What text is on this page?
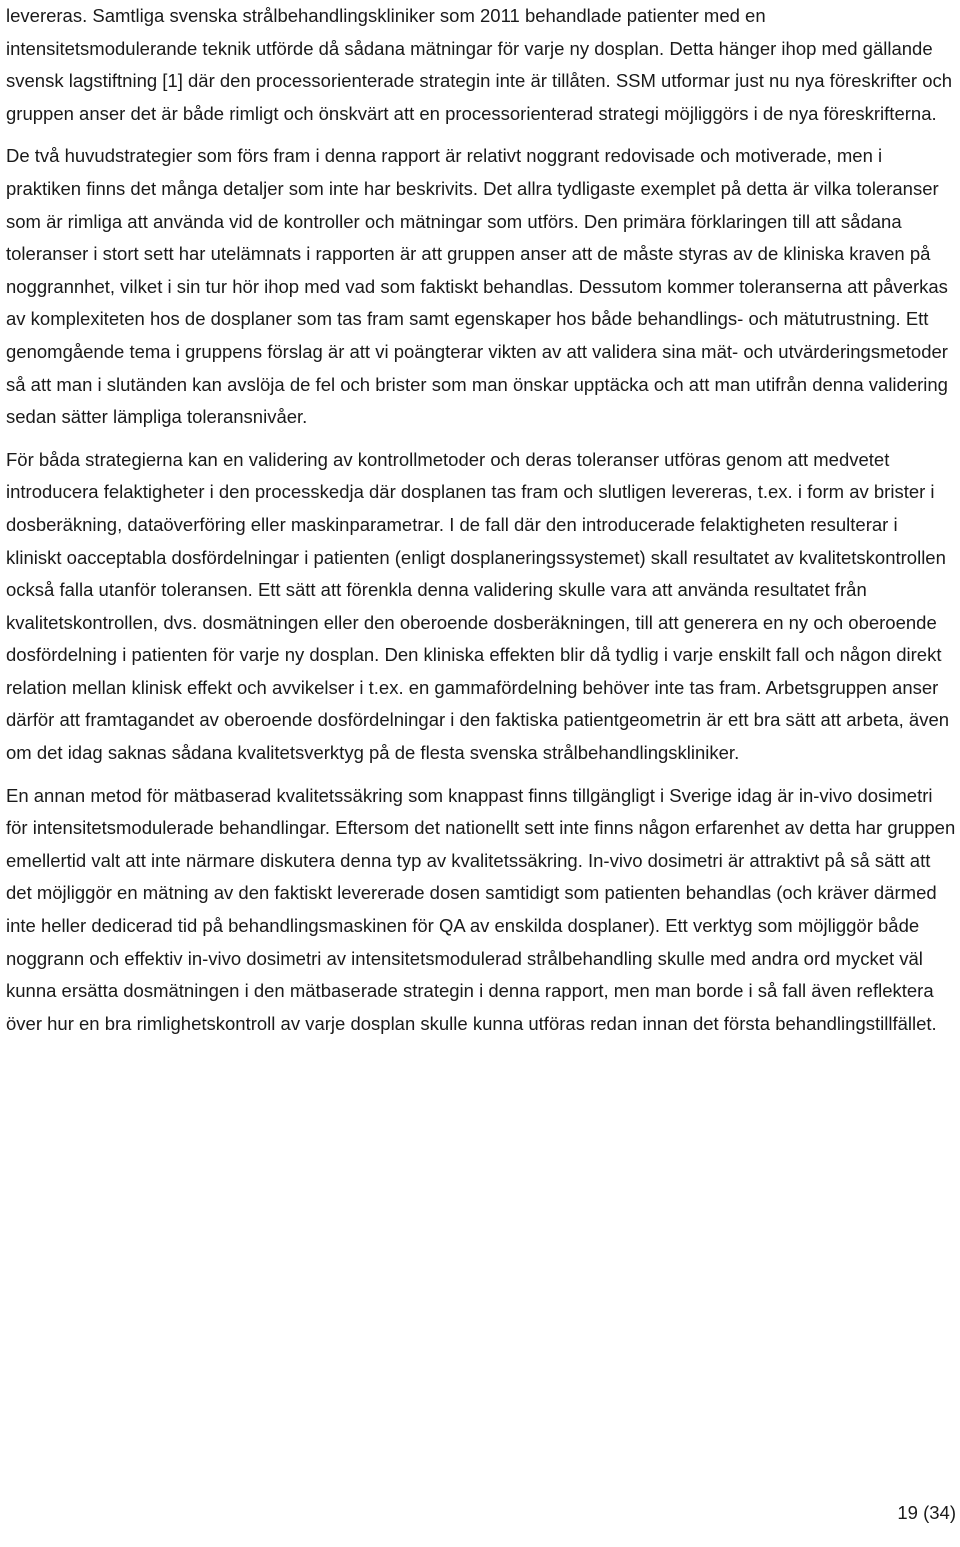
levereras. Samtliga svenska strålbehandlingskliniker som 2011 behandlade patienter med en intensitetsmodulerande teknik utförde då sådana mätningar för varje ny dosplan. Detta hänger ihop med gällande svensk lagstiftning [1] där den processorienterade strategin inte är tillåten. SSM utformar just nu nya föreskrifter och gruppen anser det är både rimligt och önskvärt att en processorienterad strategi möjliggörs i de nya föreskrifterna.

De två huvudstrategier som förs fram i denna rapport är relativt noggrant redovisade och motiverade, men i praktiken finns det många detaljer som inte har beskrivits. Det allra tydligaste exemplet på detta är vilka toleranser som är rimliga att använda vid de kontroller och mätningar som utförs. Den primära förklaringen till att sådana toleranser i stort sett har utelämnats i rapporten är att gruppen anser att de måste styras av de kliniska kraven på noggrannhet, vilket i sin tur hör ihop med vad som faktiskt behandlas. Dessutom kommer toleranserna att påverkas av komplexiteten hos de dosplaner som tas fram samt egenskaper hos både behandlings- och mätutrustning. Ett genomgående tema i gruppens förslag är att vi poängterar vikten av att validera sina mät- och utvärderingsmetoder så att man i slutänden kan avslöja de fel och brister som man önskar upptäcka och att man utifrån denna validering sedan sätter lämpliga toleransnivåer.

För båda strategierna kan en validering av kontrollmetoder och deras toleranser utföras genom att medvetet introducera felaktigheter i den processkedja där dosplanen tas fram och slutligen levereras, t.ex. i form av brister i dosberäkning, dataöverföring eller maskinparametrar. I de fall där den introducerade felaktigheten resulterar i kliniskt oacceptabla dosfördelningar i patienten (enligt dosplaneringssystemet) skall resultatet av kvalitetskontrollen också falla utanför toleransen. Ett sätt att förenkla denna validering skulle vara att använda resultatet från kvalitetskontrollen, dvs. dosmätningen eller den oberoende dosberäkningen, till att generera en ny och oberoende dosfördelning i patienten för varje ny dosplan. Den kliniska effekten blir då tydlig i varje enskilt fall och någon direkt relation mellan klinisk effekt och avvikelser i t.ex. en gammafördelning behöver inte tas fram. Arbetsgruppen anser därför att framtagandet av oberoende dosfördelningar i den faktiska patientgeometrin är ett bra sätt att arbeta, även om det idag saknas sådana kvalitetsverktyg på de flesta svenska strålbehandlingskliniker.

En annan metod för mätbaserad kvalitetssäkring som knappast finns tillgängligt i Sverige idag är in-vivo dosimetri för intensitetsmodulerade behandlingar. Eftersom det nationellt sett inte finns någon erfarenhet av detta har gruppen emellertid valt att inte närmare diskutera denna typ av kvalitetssäkring. In-vivo dosimetri är attraktivt på så sätt att det möjliggör en mätning av den faktiskt levererade dosen samtidigt som patienten behandlas (och kräver därmed inte heller dedicerad tid på behandlingsmaskinen för QA av enskilda dosplaner). Ett verktyg som möjliggör både noggrann och effektiv in-vivo dosimetri av intensitetsmodulerad strålbehandling skulle med andra ord mycket väl kunna ersätta dosmätningen i den mätbaserade strategin i denna rapport, men man borde i så fall även reflektera över hur en bra rimlighetskontroll av varje dosplan skulle kunna utföras redan innan det första behandlingstillfället.

19 (34)
